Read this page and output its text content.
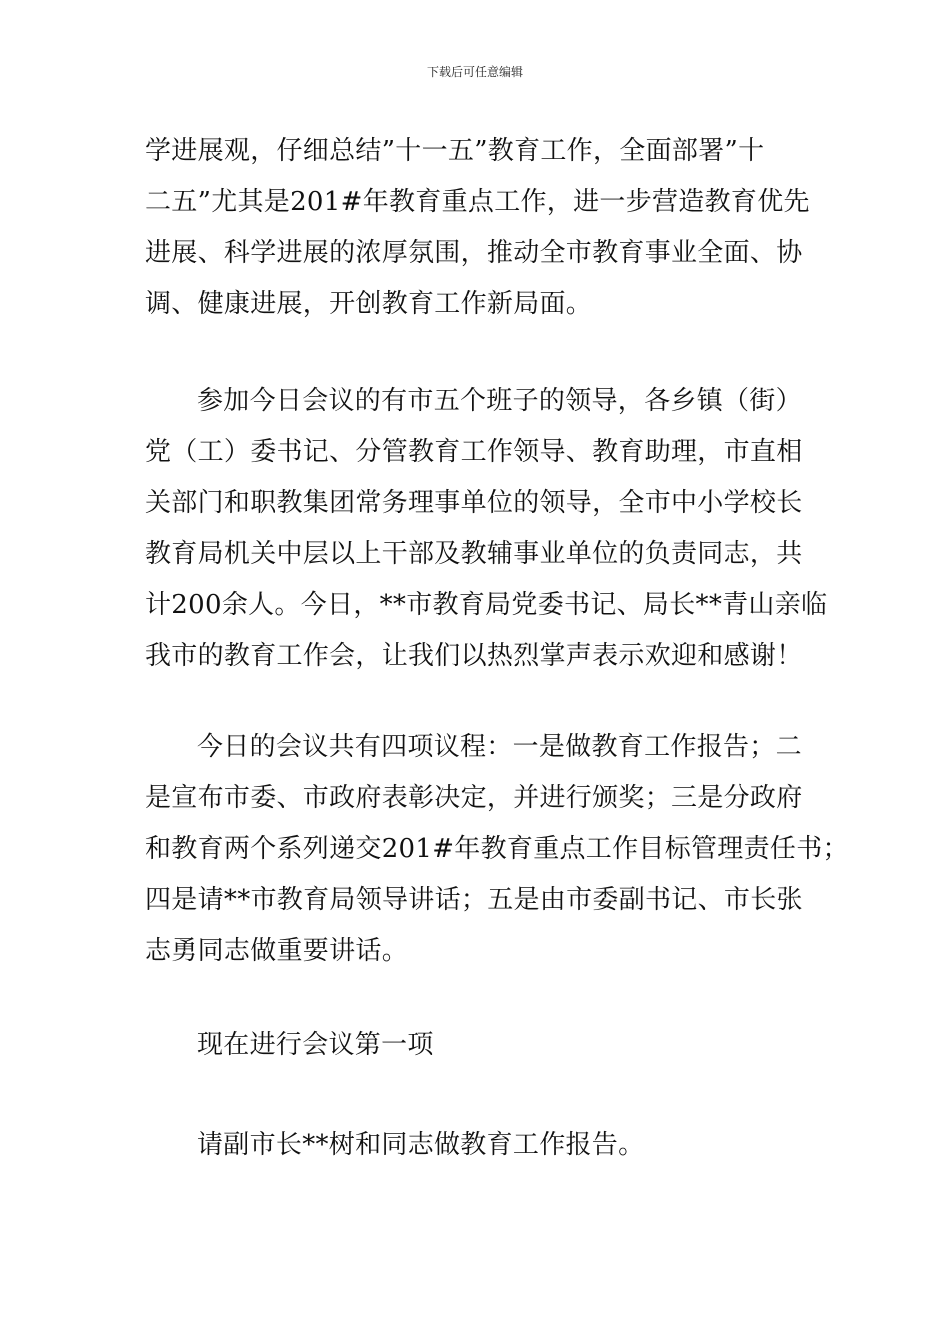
下载后可任意编辑
学进展观，仔细总结”十一五”教育工作，全面部署”十
二五”尤其是201#年教育重点工作，进一步营造教育优先
进展、科学进展的浓厚氛围，推动全市教育事业全面、协
调、健康进展，开创教育工作新局面。
参加今日会议的有市五个班子的领导，各乡镇（街）
党（工）委书记、分管教育工作领导、教育助理，市直相
关部门和职教集团常务理事单位的领导，全市中小学校长
教育局机关中层以上干部及教辅事业单位的负责同志，共
计200余人。今日，**市教育局党委书记、局长**青山亲临
我市的教育工作会，让我们以热烈掌声表示欢迎和感谢！
今日的会议共有四项议程：一是做教育工作报告；二
是宣布市委、市政府表彰决定，并进行颁奖；三是分政府
和教育两个系列递交201#年教育重点工作目标管理责任书；
四是请**市教育局领导讲话；五是由市委副书记、市长张
志勇同志做重要讲话。
现在进行会议第一项
请副市长**树和同志做教育工作报告。
